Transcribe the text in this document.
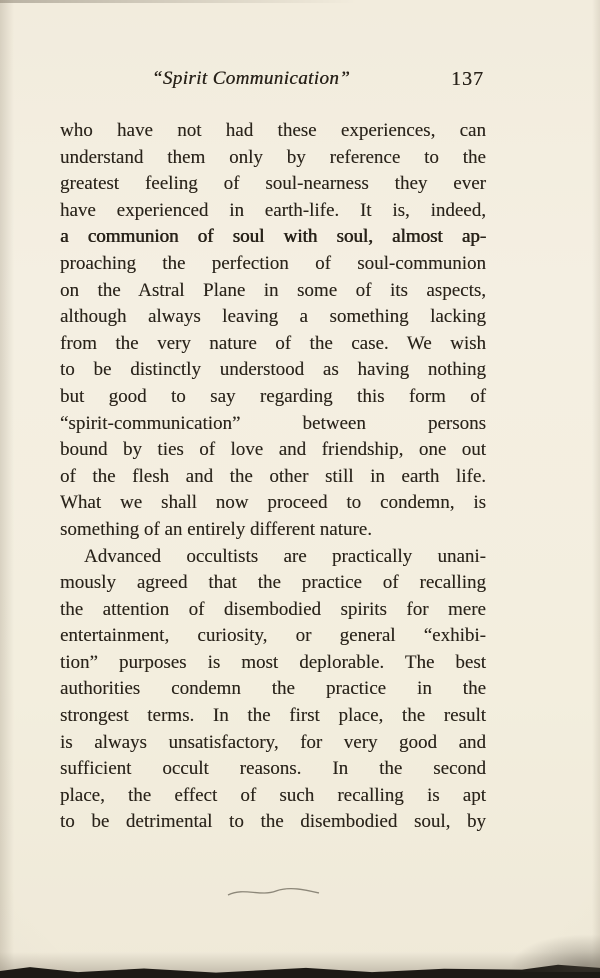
“Spirit Communication”	137
who have not had these experiences, can
understand them only by reference to the
greatest feeling of soul-nearness they ever
have experienced in earth-life. It is, indeed,
a communion of soul with soul, almost ap-
proaching the perfection of soul-communion
on the Astral Plane in some of its aspects,
although always leaving a something lacking
from the very nature of the case. We wish
to be distinctly understood as having nothing
but good to say regarding this form of
“spirit-communication” between persons
bound by ties of love and friendship, one out
of the flesh and the other still in earth life.
What we shall now proceed to condemn, is
something of an entirely different nature.
Advanced occultists are practically unani-
mously agreed that the practice of recalling
the attention of disembodied spirits for mere
entertainment, curiosity, or general “exhibi-
tion” purposes is most deplorable. The best
authorities condemn the practice in the
strongest terms. In the first place, the result
is always unsatisfactory, for very good and
sufficient occult reasons. In the second
place, the effect of such recalling is apt
to be detrimental to the disembodied soul, by
